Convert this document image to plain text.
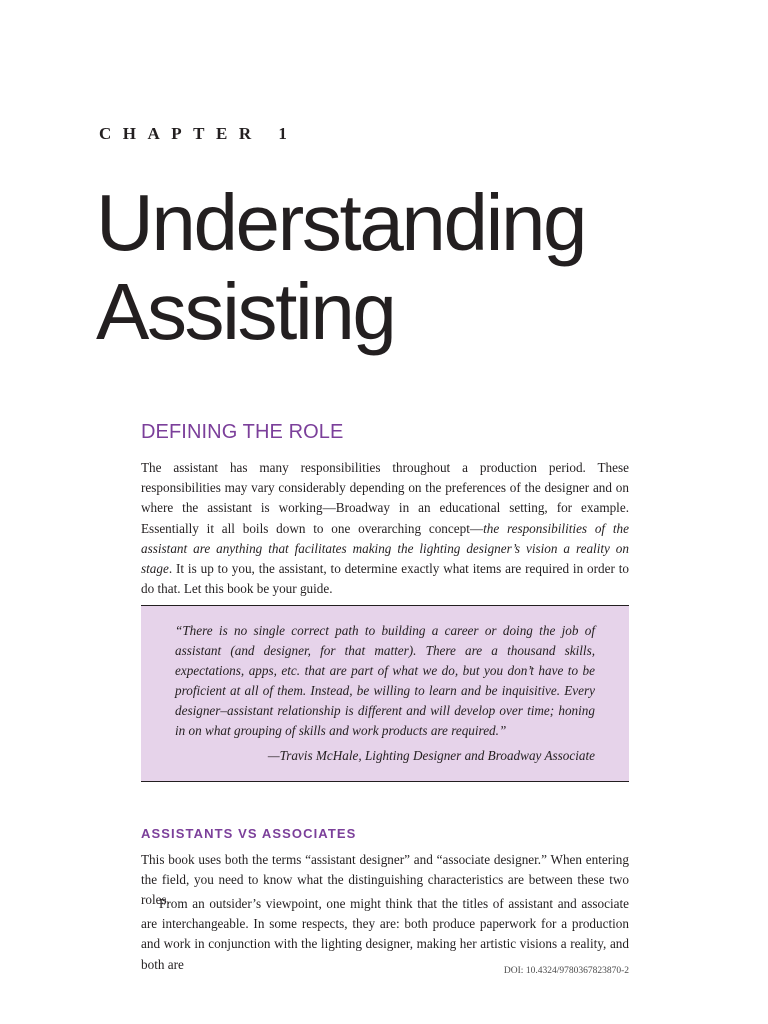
CHAPTER 1
Understanding
Assisting
DEFINING THE ROLE

The assistant has many responsibilities throughout a production period. These responsibilities may vary considerably depending on the preferences of the designer and on where the assistant is working—Broadway in an educational setting, for example. Essentially it all boils down to one overarching concept—the responsibilities of the assistant are anything that facilitates making the lighting designer’s vision a reality on stage. It is up to you, the assistant, to determine exactly what items are required in order to do that. Let this book be your guide.

“There is no single correct path to building a career or doing the job of assistant (and designer, for that matter). There are a thousand skills, expectations, apps, etc. that are part of what we do, but you don’t have to be proficient at all of them. Instead, be willing to learn and be inquisitive. Every designer–assistant relationship is different and will develop over time; honing in on what grouping of skills and work products are required.”

—Travis McHale, Lighting Designer and Broadway Associate
ASSISTANTS VS ASSOCIATES

This book uses both the terms “assistant designer” and “associate designer.” When entering the field, you need to know what the distinguishing characteristics are between these two roles.

From an outsider’s viewpoint, one might think that the titles of assistant and associate are interchangeable. In some respects, they are: both produce paperwork for a production and work in conjunction with the lighting designer, making her artistic visions a reality, and both are	DOI: 10.4324/9780367823870-2
